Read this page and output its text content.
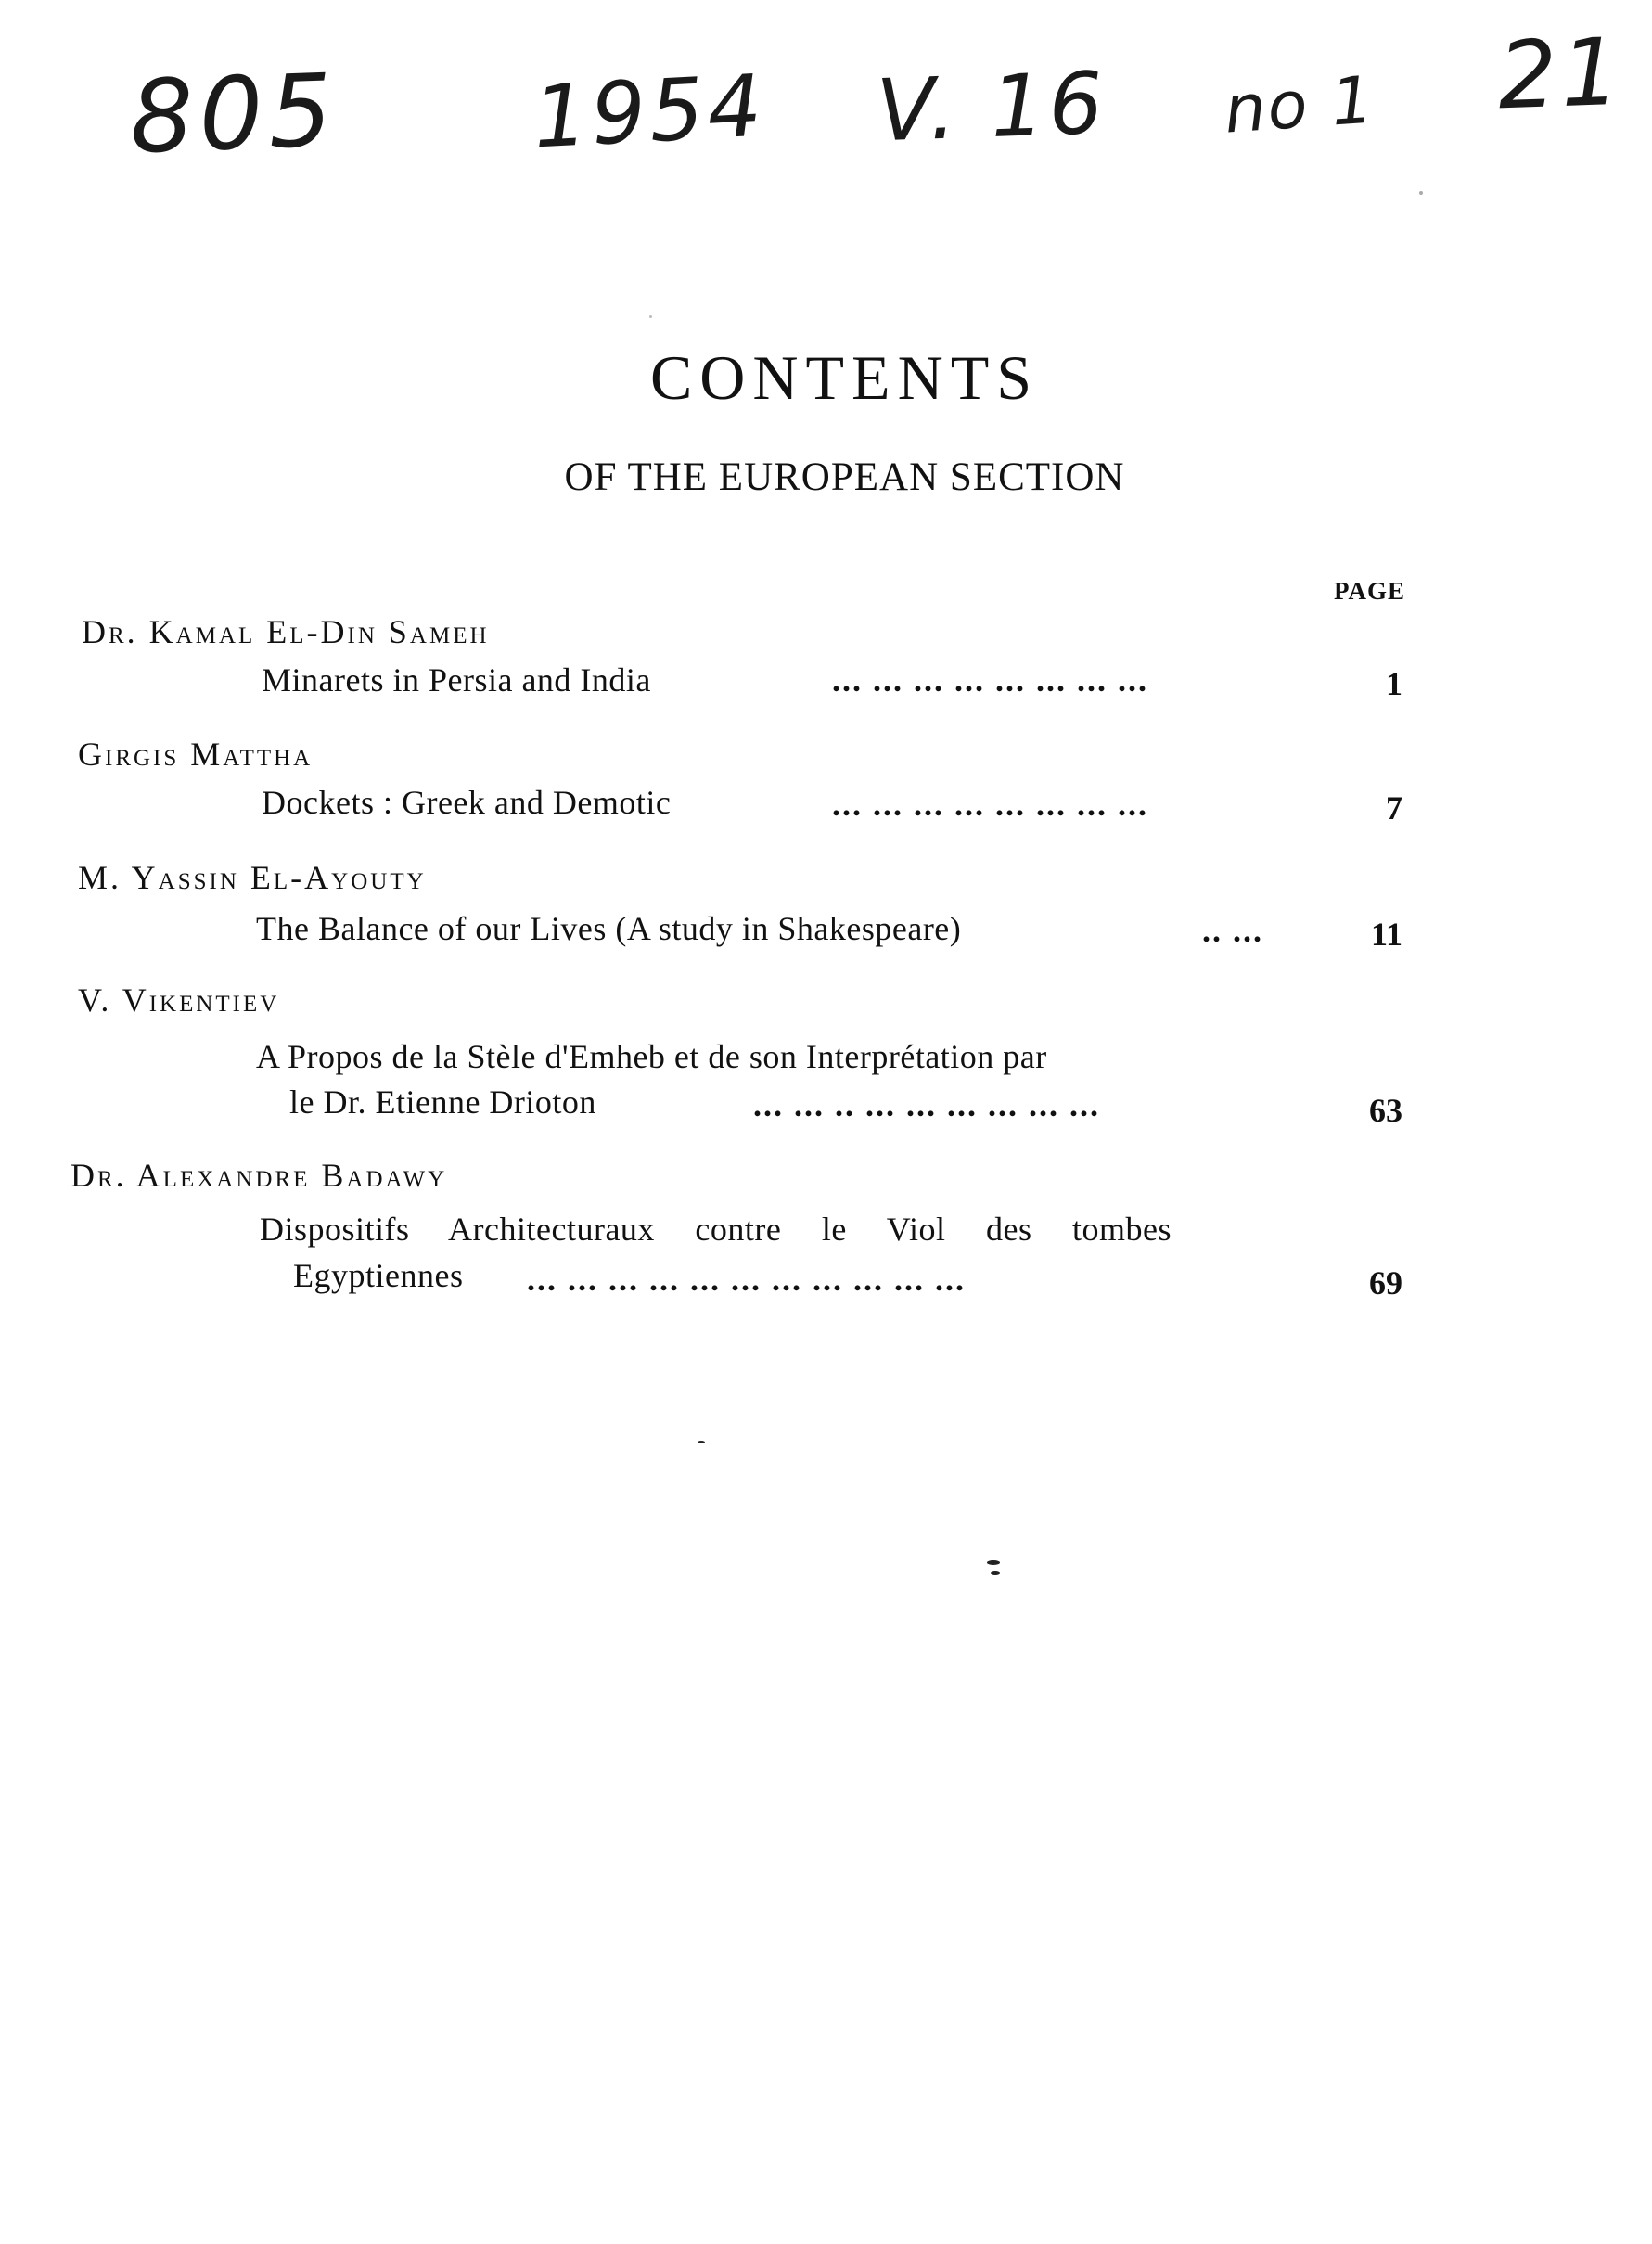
805 1954 V. 16 no 1 21
CONTENTS
OF THE EUROPEAN SECTION
PAGE
Dr. Kamal El-Din Sameh
Minarets in Persia and India	... ... ... ... ... ... ... ...	1
Girgis Mattha
Dockets : Greek and Demotic	... ... ... ... ... ... ... ...	7
M. Yassin El-Ayouty
The Balance of our Lives (A study in Shakespeare)	.. ...	11
V. Vikentiev
A Propos de la Stèle d'Emheb et de son Interprétation par
le Dr. Etienne Drioton	... ... .. ... ... ... ... ... ...	63
Dr. Alexandre Badawy
Dispositifs Architecturaux contre le Viol des tombes
Egyptiennes ... ... ... ... ... ... ... ... ... ... ...	69
